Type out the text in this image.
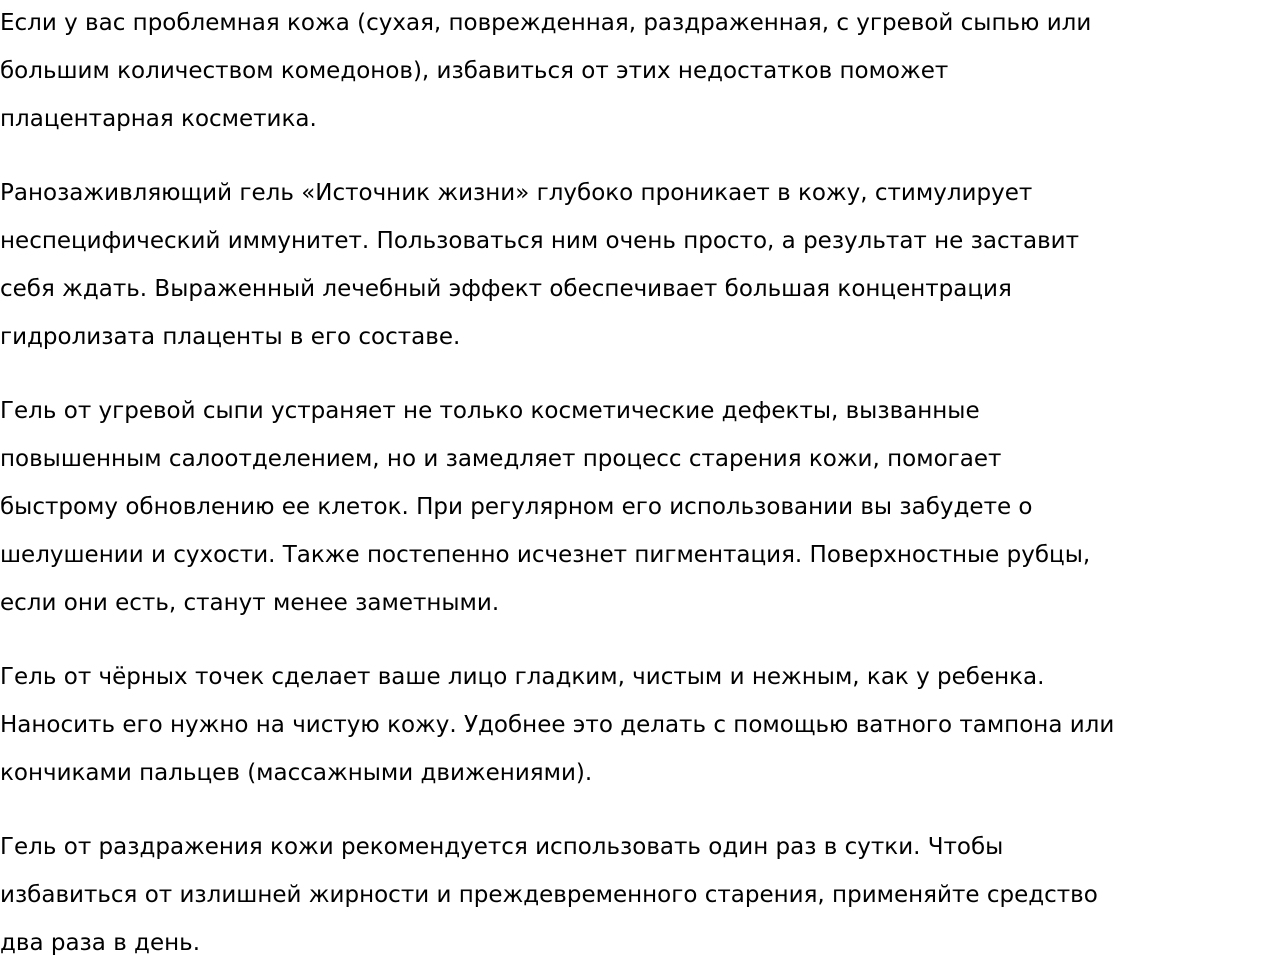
Если у вас проблемная кожа (сухая, поврежденная, раздраженная, с угревой сыпью или
большим количеством комедонов), избавиться от этих недостатков поможет
плацентарная косметика.

Ранозаживляющий гель «Источник жизни» глубоко проникает в кожу, стимулирует
неспецифический иммунитет. Пользоваться ним очень просто, а результат не заставит
себя ждать. Выраженный лечебный эффект обеспечивает большая концентрация
гидролизата плаценты в его составе.

Гель от угревой сыпи устраняет не только косметические дефекты, вызванные
повышенным салоотделением, но и замедляет процесс старения кожи, помогает
быстрому обновлению ее клеток. При регулярном его использовании вы забудете о
шелушении и сухости. Также постепенно исчезнет пигментация. Поверхностные рубцы,
если они есть, станут менее заметными.

Гель от чёрных точек сделает ваше лицо гладким, чистым и нежным, как у ребенка.
Наносить его нужно на чистую кожу. Удобнее это делать с помощью ватного тампона или
кончиками пальцев (массажными движениями).

Гель от раздражения кожи рекомендуется использовать один раз в сутки. Чтобы
избавиться от излишней жирности и преждевременного старения, применяйте средство
два раза в день.
